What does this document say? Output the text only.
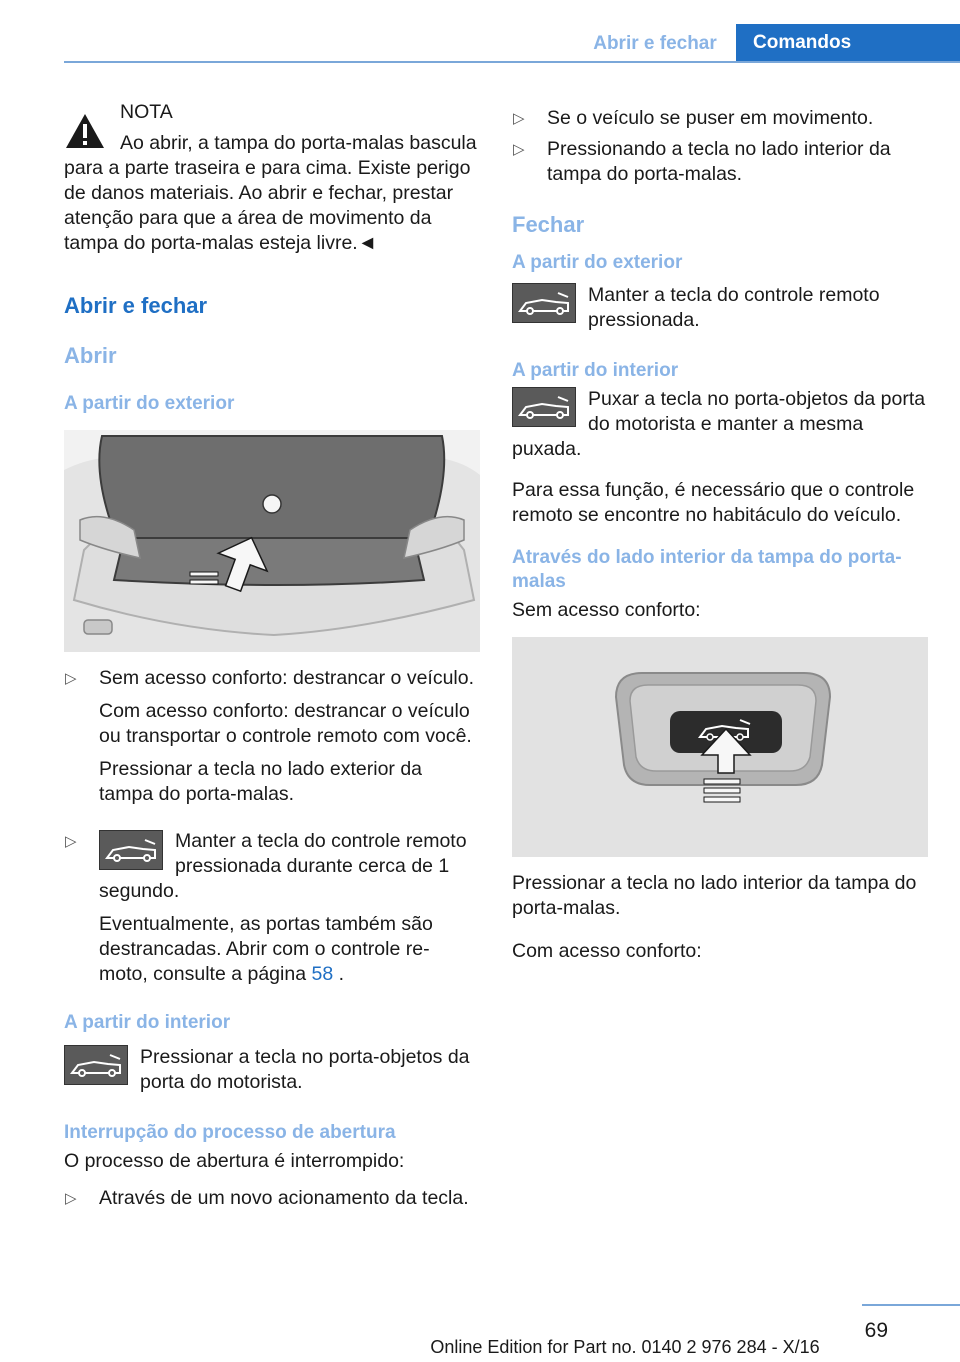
Abrir e fechar	Comandos

NOTA

Ao abrir, a tampa do porta-malas bascula para a parte traseira e para cima. Existe perigo de danos materiais. Ao abrir e fechar, prestar atenção para que a área de movimento da tampa do porta-malas esteja livre.◄

Abrir e fechar

Abrir

A partir do exterior

▷ Sem acesso conforto: destrancar o veículo.

Com acesso conforto: destrancar o veículo ou transportar o controle remoto com você.

Pressionar a tecla no lado exterior da tampa do porta-malas.

▷	Manter a tecla do controle remoto pressionada durante cerca de 1 segundo.

Eventualmente, as portas também são destrancadas. Abrir com o controle re‐ moto, consulte a página 58 .

A partir do interior

Pressionar a tecla no porta-objetos da porta do motorista.

Interrupção do processo de abertura

O processo de abertura é interrompido:

▷ Através de um novo acionamento da tecla.

▷ Se o veículo se puser em movimento.

▷ Pressionando a tecla no lado interior da tampa do porta-malas.

Fechar

A partir do exterior

Manter a tecla do controle remoto pressionada.

A partir do interior

Puxar a tecla no porta-objetos da porta do motorista e manter a mesma puxada.

Para essa função, é necessário que o controle remoto se encontre no habitáculo do veículo.

Através do lado interior da tampa do porta-malas

Sem acesso conforto:

Pressionar a tecla no lado interior da tampa do porta-malas.

Com acesso conforto:

69
Online Edition for Part no. 0140 2 976 284 - X/16
